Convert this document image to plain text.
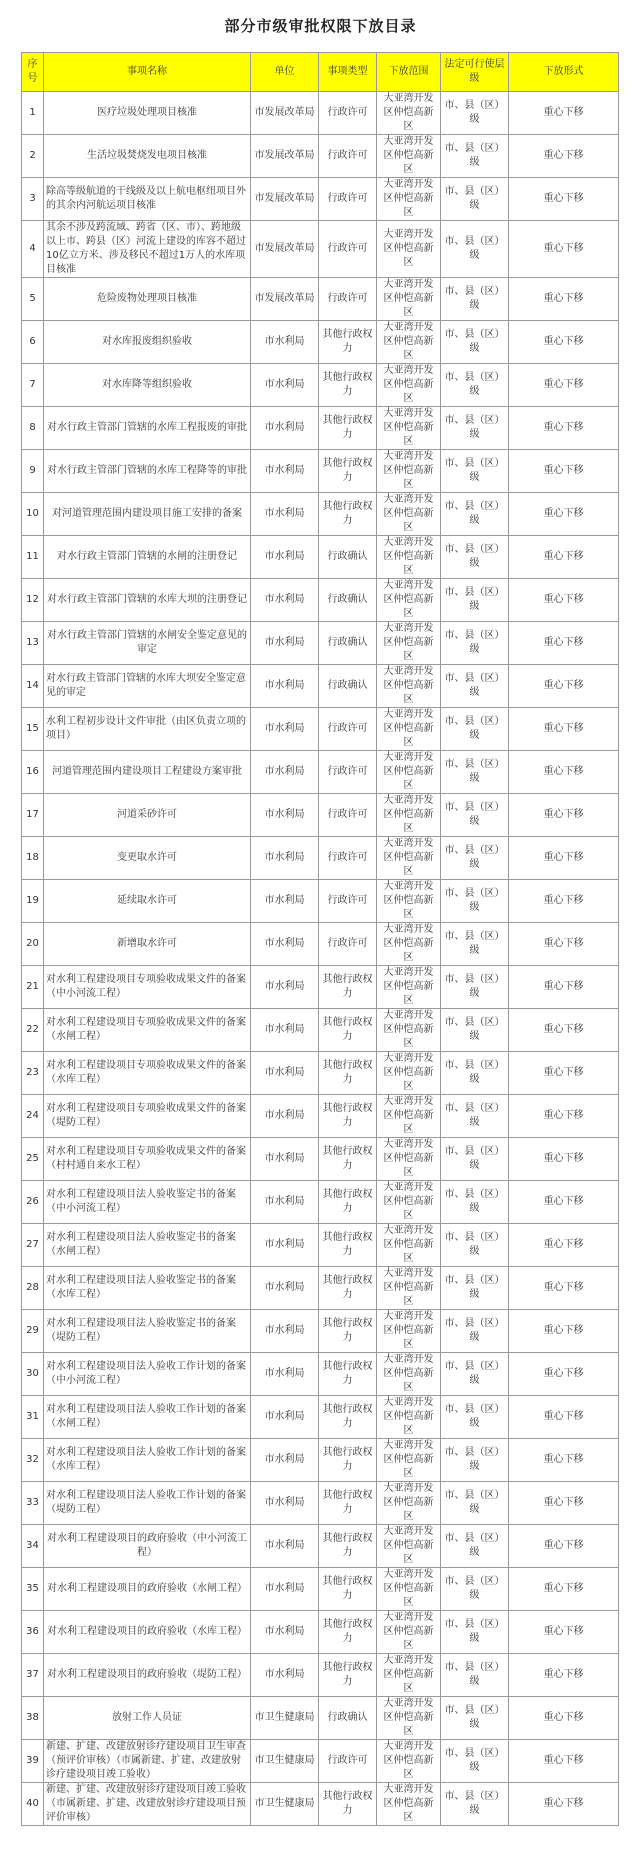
部分市级审批权限下放目录
序号	事项名称	单位	事项类型	下放范围	法定可行使层级	下放形式
1	医疗垃圾处理项目核准	市发展改革局	行政许可	大亚湾开发区仲恺高新区	市、县（区）级	重心下移
2	生活垃圾焚烧发电项目核准	市发展改革局	行政许可	大亚湾开发区仲恺高新区	市、县（区）级	重心下移
3	除高等级航道的干线级及以上航电枢纽项目外的其余内河航运项目核准	市发展改革局	行政许可	大亚湾开发区仲恺高新区	市、县（区）级	重心下移
4	其余不涉及跨流域、跨省（区、市）、跨地级以上市、跨县（区）河流上建设的库容不超过10亿立方米、涉及移民不超过1万人的水库项目核准	市发展改革局	行政许可	大亚湾开发区仲恺高新区	市、县（区）级	重心下移
5	危险废物处理项目核准	市发展改革局	行政许可	大亚湾开发区仲恺高新区	市、县（区）级	重心下移
6	对水库报废组织验收	市水利局	其他行政权力	大亚湾开发区仲恺高新区	市、县（区）级	重心下移
7	对水库降等组织验收	市水利局	其他行政权力	大亚湾开发区仲恺高新区	市、县（区）级	重心下移
8	对水行政主管部门管辖的水库工程报废的审批	市水利局	其他行政权力	大亚湾开发区仲恺高新区	市、县（区）级	重心下移
9	对水行政主管部门管辖的水库工程降等的审批	市水利局	其他行政权力	大亚湾开发区仲恺高新区	市、县（区）级	重心下移
10	对河道管理范围内建设项目施工安排的备案	市水利局	其他行政权力	大亚湾开发区仲恺高新区	市、县（区）级	重心下移
11	对水行政主管部门管辖的水闸的注册登记	市水利局	行政确认	大亚湾开发区仲恺高新区	市、县（区）级	重心下移
12	对水行政主管部门管辖的水库大坝的注册登记	市水利局	行政确认	大亚湾开发区仲恺高新区	市、县（区）级	重心下移
13	对水行政主管部门管辖的水闸安全鉴定意见的审定	市水利局	行政确认	大亚湾开发区仲恺高新区	市、县（区）级	重心下移
14	对水行政主管部门管辖的水库大坝安全鉴定意见的审定	市水利局	行政确认	大亚湾开发区仲恺高新区	市、县（区）级	重心下移
15	水利工程初步设计文件审批（由区负责立项的项目）	市水利局	行政许可	大亚湾开发区仲恺高新区	市、县（区）级	重心下移
16	河道管理范围内建设项目工程建设方案审批	市水利局	行政许可	大亚湾开发区仲恺高新区	市、县（区）级	重心下移
17	河道采砂许可	市水利局	行政许可	大亚湾开发区仲恺高新区	市、县（区）级	重心下移
18	变更取水许可	市水利局	行政许可	大亚湾开发区仲恺高新区	市、县（区）级	重心下移
19	延续取水许可	市水利局	行政许可	大亚湾开发区仲恺高新区	市、县（区）级	重心下移
20	新增取水许可	市水利局	行政许可	大亚湾开发区仲恺高新区	市、县（区）级	重心下移
21	对水利工程建设项目专项验收成果文件的备案（中小河流工程）	市水利局	其他行政权力	大亚湾开发区仲恺高新区	市、县（区）级	重心下移
22	对水利工程建设项目专项验收成果文件的备案（水闸工程）	市水利局	其他行政权力	大亚湾开发区仲恺高新区	市、县（区）级	重心下移
23	对水利工程建设项目专项验收成果文件的备案（水库工程）	市水利局	其他行政权力	大亚湾开发区仲恺高新区	市、县（区）级	重心下移
24	对水利工程建设项目专项验收成果文件的备案（堤防工程）	市水利局	其他行政权力	大亚湾开发区仲恺高新区	市、县（区）级	重心下移
25	对水利工程建设项目专项验收成果文件的备案（村村通自来水工程）	市水利局	其他行政权力	大亚湾开发区仲恺高新区	市、县（区）级	重心下移
26	对水利工程建设项目法人验收鉴定书的备案（中小河流工程）	市水利局	其他行政权力	大亚湾开发区仲恺高新区	市、县（区）级	重心下移
27	对水利工程建设项目法人验收鉴定书的备案（水闸工程）	市水利局	其他行政权力	大亚湾开发区仲恺高新区	市、县（区）级	重心下移
28	对水利工程建设项目法人验收鉴定书的备案（水库工程）	市水利局	其他行政权力	大亚湾开发区仲恺高新区	市、县（区）级	重心下移
29	对水利工程建设项目法人验收鉴定书的备案（堤防工程）	市水利局	其他行政权力	大亚湾开发区仲恺高新区	市、县（区）级	重心下移
30	对水利工程建设项目法人验收工作计划的备案（中小河流工程）	市水利局	其他行政权力	大亚湾开发区仲恺高新区	市、县（区）级	重心下移
31	对水利工程建设项目法人验收工作计划的备案（水闸工程）	市水利局	其他行政权力	大亚湾开发区仲恺高新区	市、县（区）级	重心下移
32	对水利工程建设项目法人验收工作计划的备案（水库工程）	市水利局	其他行政权力	大亚湾开发区仲恺高新区	市、县（区）级	重心下移
33	对水利工程建设项目法人验收工作计划的备案（堤防工程）	市水利局	其他行政权力	大亚湾开发区仲恺高新区	市、县（区）级	重心下移
34	对水利工程建设项目的政府验收（中小河流工程）	市水利局	其他行政权力	大亚湾开发区仲恺高新区	市、县（区）级	重心下移
35	对水利工程建设项目的政府验收（水闸工程）	市水利局	其他行政权力	大亚湾开发区仲恺高新区	市、县（区）级	重心下移
36	对水利工程建设项目的政府验收（水库工程）	市水利局	其他行政权力	大亚湾开发区仲恺高新区	市、县（区）级	重心下移
37	对水利工程建设项目的政府验收（堤防工程）	市水利局	其他行政权力	大亚湾开发区仲恺高新区	市、县（区）级	重心下移
38	放射工作人员证	市卫生健康局	行政确认	大亚湾开发区仲恺高新区	市、县（区）级	重心下移
39	新建、扩建、改建放射诊疗建设项目卫生审查（预评价审核）（市属新建、扩建、改建放射诊疗建设项目竣工验收）	市卫生健康局	行政许可	大亚湾开发区仲恺高新区	市、县（区）级	重心下移
40	新建、扩建、改建放射诊疗建设项目竣工验收（市属新建、扩建、改建放射诊疗建设项目预评价审核）	市卫生健康局	其他行政权力	大亚湾开发区仲恺高新区	市、县（区）级	重心下移
